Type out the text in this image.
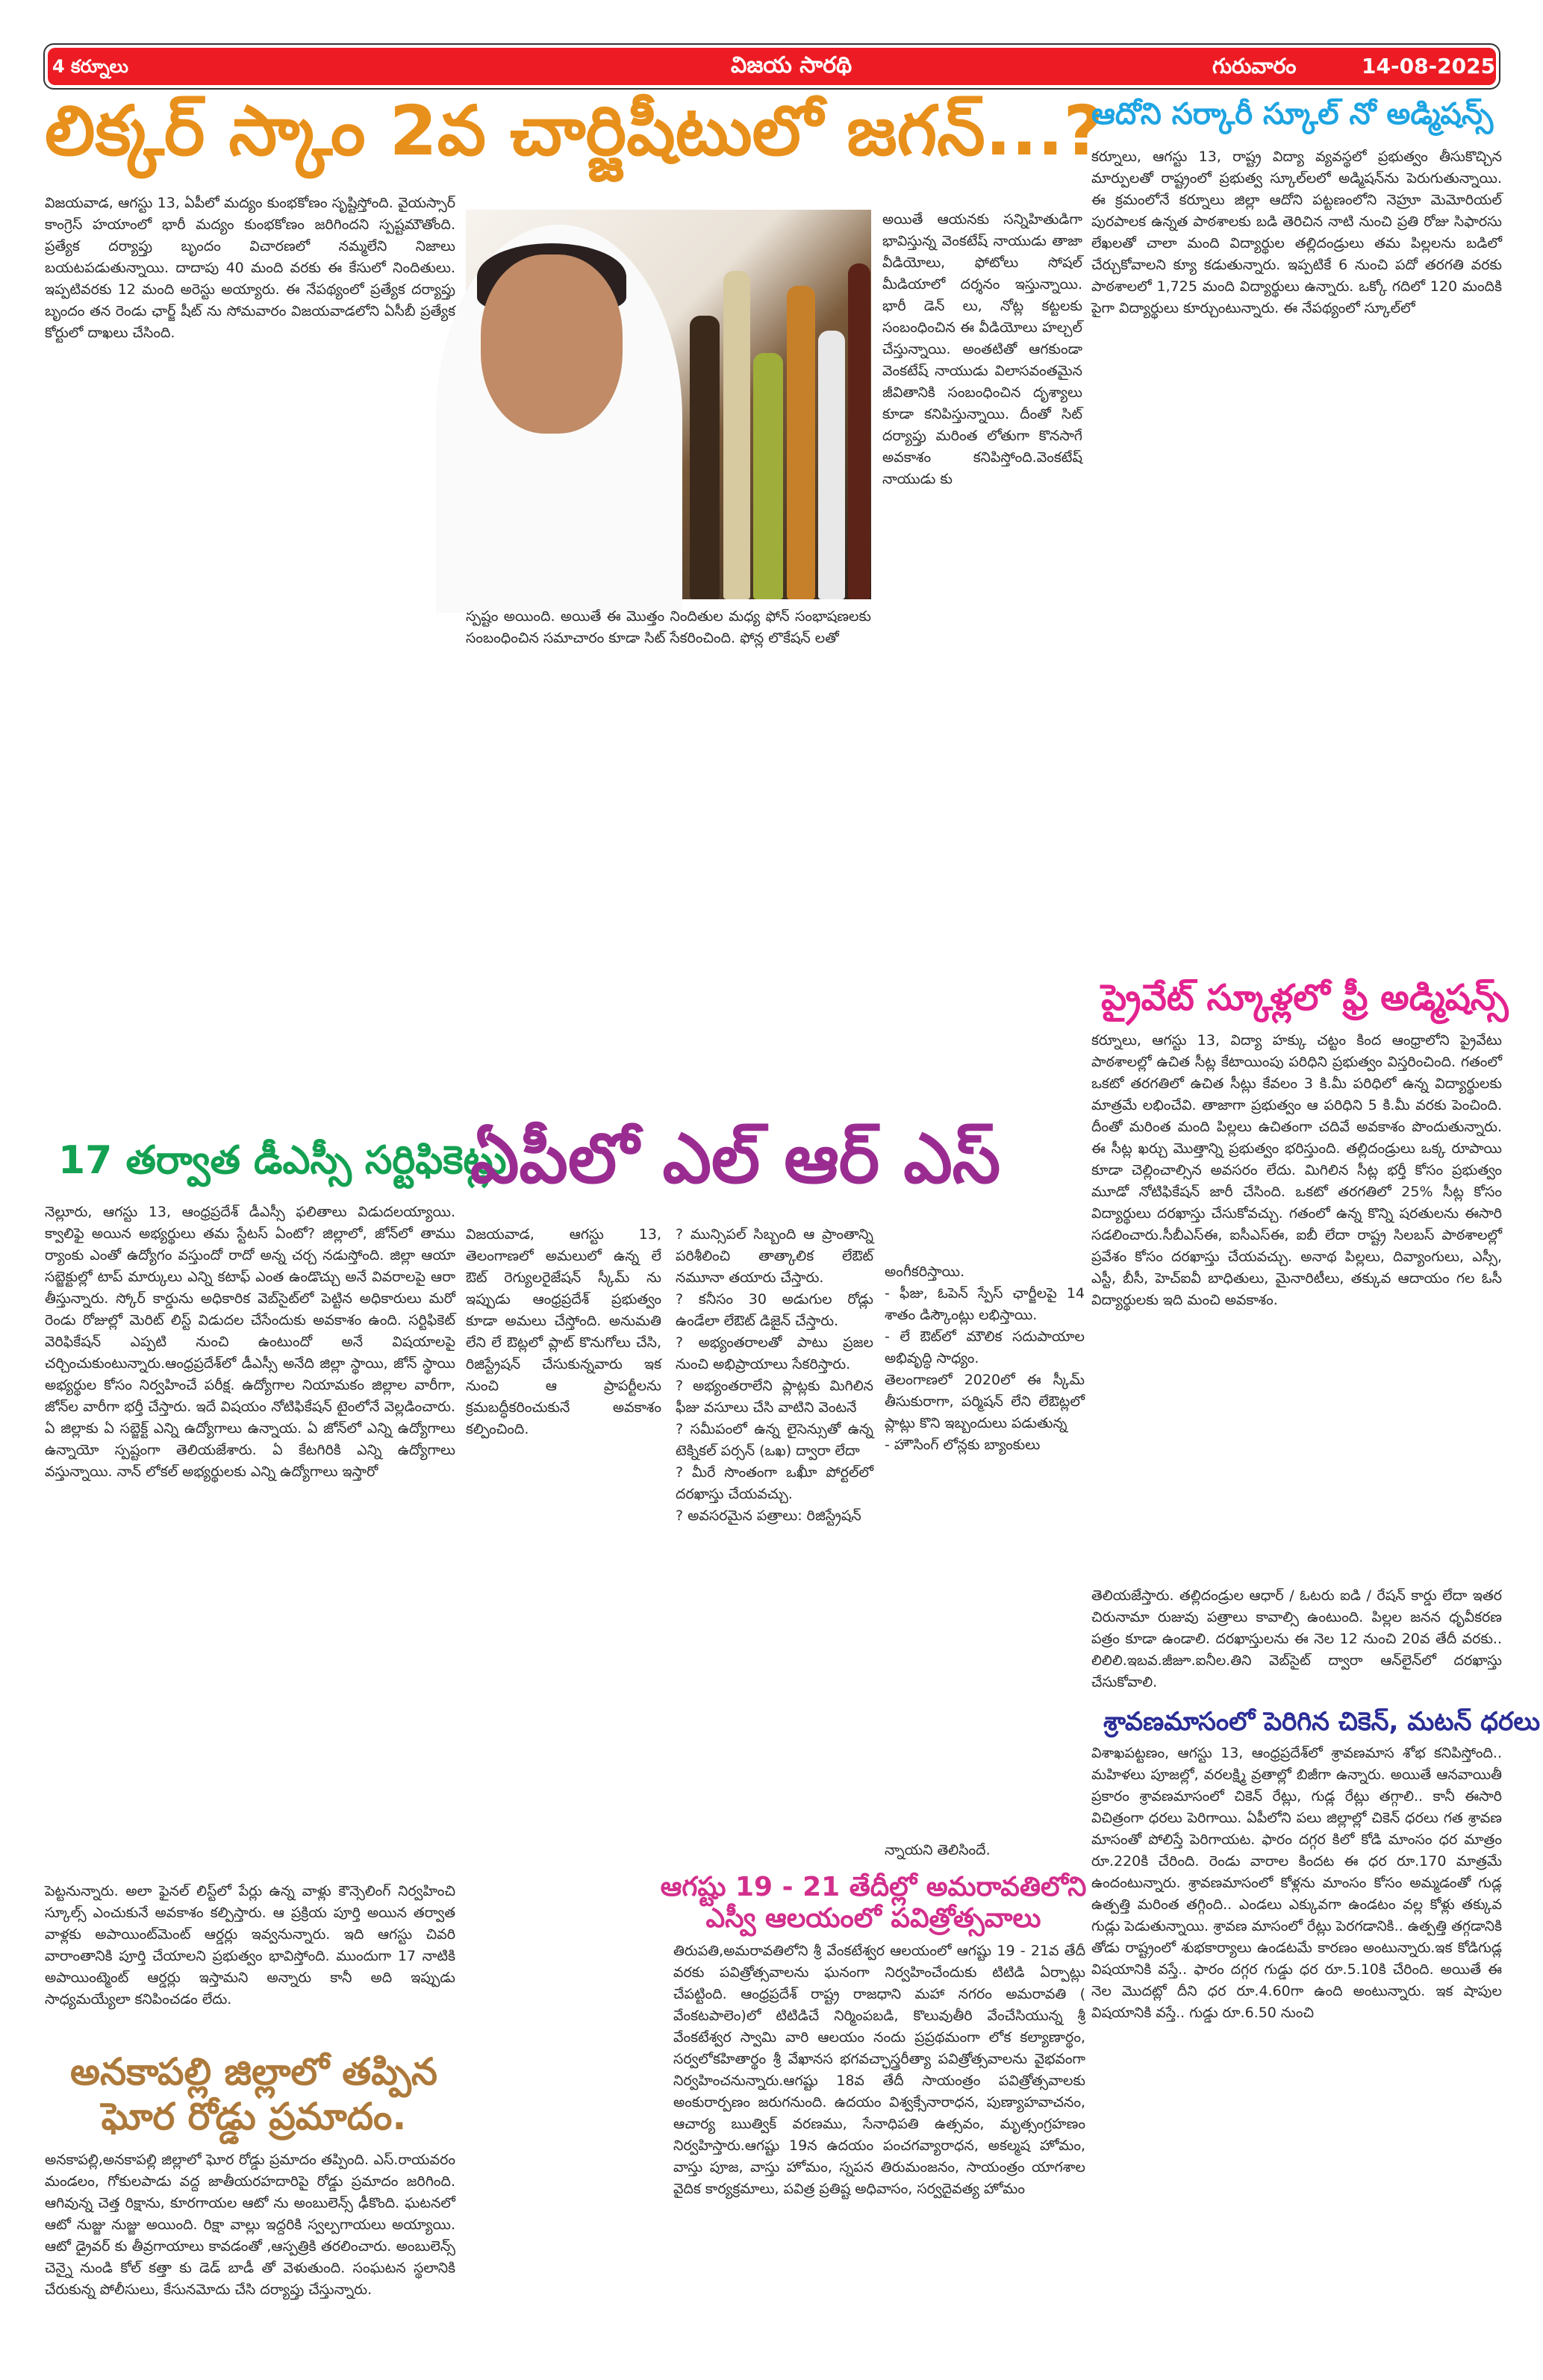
4 కర్నూలు	విజయ సారథి	గురువారం	14-08-2025
లిక్కర్ స్కాం 2వ చార్జిషీటులో జగన్...?
విజయవాడ, ఆగస్టు 13, ఏపీలో మద్యం కుంభకోణం సృష్టిస్తోంది. వైయస్సార్ కాంగ్రెస్ హయాంలో భారీ మద్యం కుంభకోణం జరిగిందని స్పష్టమౌతోంది. ప్రత్యేక దర్యాప్తు బృందం విచారణలో నమ్మలేని నిజాలు బయటపడుతున్నాయి. దాదాపు 40 మంది వరకు ఈ కేసులో నిందితులు. ఇప్పటివరకు 12 మంది అరెస్టు అయ్యారు. ఈ నేపథ్యంలో ప్రత్యేక దర్యాప్తు బృందం తన రెండు ఛార్జ్ షీట్ ను సోమవారం విజయవాడలోని ఏసీబీ ప్రత్యేక కోర్టులో దాఖలు చేసింది.
స్పష్టం అయింది. అయితే ఈ మొత్తం నిందితుల మధ్య ఫోన్ సంభాషణలకు సంబంధించిన సమాచారం కూడా సిట్ సేకరించింది. ఫోన్ల లొకేషన్ లతో
అయితే ఆయనకు సన్నిహితుడిగా భావిస్తున్న వెంకటేష్ నాయుడు తాజా వీడియోలు, ఫోటోలు సోషల్ మీడియాలో దర్శనం ఇస్తున్నాయి. భారీ డెన్ లు, నోట్ల కట్టలకు సంబంధించిన ఈ వీడియోలు హల్చల్ చేస్తున్నాయి. అంతటితో ఆగకుండా వెంకటేష్ నాయుడు విలాసవంతమైన జీవితానికి సంబంధించిన దృశ్యాలు కూడా కనిపిస్తున్నాయి. దీంతో సిట్ దర్యాప్తు మరింత లోతుగా కొనసాగే అవకాశం కనిపిస్తోంది.వెంకటేష్ నాయుడు కు
ఆదోని సర్కారీ స్కూల్ నో అడ్మిషన్స్
కర్నూలు, ఆగస్టు 13, రాష్ట్ర విద్యా వ్యవస్థలో ప్రభుత్వం తీసుకొచ్చిన మార్పులతో రాష్ట్రంలో ప్రభుత్వ స్కూల్‌లలో అడ్మిషన్‌ను పెరుగుతున్నాయి. ఈ క్రమంలోనే కర్నూలు జిల్లా ఆదోని పట్టణంలోని నెహ్రూ మెమోరియల్ పురపాలక ఉన్నత పాఠశాలకు బడి తెరిచిన నాటి నుంచి ప్రతి రోజు సిఫారసు లేఖలతో చాలా మంది విద్యార్థుల తల్లిదండ్రులు తమ పిల్లలను బడిలో చేర్చుకోవాలని క్యూ కడుతున్నారు. ఇప్పటికే 6 నుంచి పదో తరగతి వరకు పాఠశాలలో 1,725 మంది విద్యార్థులు ఉన్నారు. ఒక్కో గదిలో 120 మందికి పైగా విద్యార్థులు కూర్చుంటున్నారు. ఈ నేపథ్యంలో స్కూల్‌లో
ప్రైవేట్ స్కూళ్లలో ఫ్రీ అడ్మిషన్స్
కర్నూలు, ఆగస్టు 13, విద్యా హక్కు చట్టం కింద ఆంధ్రాలోని ప్రైవేటు పాఠశాలల్లో ఉచిత సీట్ల కేటాయింపు పరిధిని ప్రభుత్వం విస్తరించింది. గతంలో ఒకటో తరగతిలో ఉచిత సీట్లు కేవలం 3 కి.మీ పరిధిలో ఉన్న విద్యార్థులకు మాత్రమే లభించేవి. తాజాగా ప్రభుత్వం ఆ పరిధిని 5 కి.మీ వరకు పెంచింది. దీంతో మరింత మంది పిల్లలు ఉచితంగా చదివే అవకాశం పొందుతున్నారు. ఈ సీట్ల ఖర్చు మొత్తాన్ని ప్రభుత్వం భరిస్తుంది. తల్లిదండ్రులు ఒక్క రూపాయి కూడా చెల్లించాల్సిన అవసరం లేదు. మిగిలిన సీట్ల భర్తీ కోసం ప్రభుత్వం మూడో నోటిఫికేషన్ జారీ చేసింది. ఒకటో తరగతిలో 25% సీట్ల కోసం విద్యార్థులు దరఖాస్తు చేసుకోవచ్చు. గతంలో ఉన్న కొన్ని షరతులను ఈసారి సడలించారు.సీబీఎస్ఈ, ఐసీఎస్ఈ, ఐబీ లేదా రాష్ట్ర సిలబస్ పాఠశాలల్లో ప్రవేశం కోసం దరఖాస్తు చేయవచ్చు. అనాథ పిల్లలు, దివ్యాంగులు, ఎస్సీ, ఎస్టీ, బీసీ, హెచ్ఐవీ బాధితులు, మైనారిటీలు, తక్కువ ఆదాయం గల ఓసీ విద్యార్థులకు ఇది మంచి అవకాశం.
తెలియజేస్తారు. తల్లిదండ్రుల ఆధార్ / ఓటరు ఐడి / రేషన్ కార్డు లేదా ఇతర చిరునామా రుజువు పత్రాలు కావాల్సి ఉంటుంది. పిల్లల జనన ధృవీకరణ పత్రం కూడా ఉండాలి. దరఖాస్తులను ఈ నెల 12 నుంచి 20వ తేదీ వరకు.. లిలిలి.ఇబవ.జీజూ.ఐనీల.తిని వెబ్‌సైట్ ద్వారా ఆన్‌లైన్‌లో దరఖాస్తు చేసుకోవాలి.
శ్రావణమాసంలో పెరిగిన చికెన్, మటన్ ధరలు
విశాఖపట్టణం, ఆగస్టు 13, ఆంధ్రప్రదేశ్‌లో శ్రావణమాస శోభ కనిపిస్తోంది.. మహిళలు పూజల్లో, వరలక్ష్మి వ్రతాల్లో బిజీగా ఉన్నారు. అయితే ఆనవాయితీ ప్రకారం శ్రావణమాసంలో చికెన్ రేట్లు, గుడ్ల రేట్లు తగ్గాలి.. కానీ ఈసారి విచిత్రంగా ధరలు పెరిగాయి. ఏపీలోని పలు జిల్లాల్లో చికెన్ ధరలు గత శ్రావణ మాసంతో పోలిస్తే పెరిగాయట. ఫారం దగ్గర కిలో కోడి మాంసం ధర మాత్రం రూ.220కి చేరింది. రెండు వారాల కిందట ఈ ధర రూ.170 మాత్రమే ఉందంటున్నారు. శ్రావణమాసంలో కోళ్లను మాంసం కోసం అమ్మడంతో గుడ్ల ఉత్పత్తి మరింత తగ్గింది.. ఎండలు ఎక్కువగా ఉండటం వల్ల కోళ్లు తక్కువ గుడ్లు పెడుతున్నాయి. శ్రావణ మాసంలో రేట్లు పెరగడానికి.. ఉత్పత్తి తగ్గడానికి తోడు రాష్ట్రంలో శుభకార్యాలు ఉండటమే కారణం అంటున్నారు.ఇక కోడిగుడ్ల విషయానికి వస్తే.. ఫారం దగ్గర గుడ్డు ధర రూ.5.10కి చేరింది. అయితే ఈ నెల మొదట్లో దీని ధర రూ.4.60గా ఉంది అంటున్నారు. ఇక షాపుల విషయానికి వస్తే.. గుడ్డు రూ.6.50 నుంచి
17 తర్వాత డీఎస్సీ సర్టిఫికెట్లు
నెల్లూరు, ఆగస్టు 13, ఆంధ్రప్రదేశ్ డీఎస్సీ ఫలితాలు విడుదలయ్యాయి. క్వాలిఫై అయిన అభ్యర్థులు తమ స్టేటస్ ఏంటో? జిల్లాలో, జోన్‌లో తాము ర్యాంకు ఎంతో ఉద్యోగం వస్తుందో రాదో అన్న చర్చ నడుస్తోంది. జిల్లా ఆయా సబ్జెక్టుల్లో టాప్ మార్కులు ఎన్ని కటాఫ్ ఎంత ఉండొచ్చు అనే వివరాలపై ఆరా తీస్తున్నారు. స్కోర్ కార్డును అధికారిక వెబ్‌సైట్‌లో పెట్టిన అధికారులు మరో రెండు రోజుల్లో మెరిట్ లిస్ట్ విడుదల చేసేందుకు అవకాశం ఉంది. సర్టిఫికెట్ వెరిఫికేషన్ ఎప్పటి నుంచి ఉంటుందో అనే విషయాలపై చర్చించుకుంటున్నారు.ఆంధ్రప్రదేశ్‌లో డీఎస్సీ అనేది జిల్లా స్థాయి, జోన్ స్థాయి అభ్యర్థుల కోసం నిర్వహించే పరీక్ష. ఉద్యోగాల నియామకం జిల్లాల వారీగా, జోన్‌ల వారీగా భర్తీ చేస్తారు. ఇదే విషయం నోటిఫికేషన్ టైంలోనే వెల్లడించారు. ఏ జిల్లాకు ఏ సబ్జెక్ట్ ఎన్ని ఉద్యోగాలు ఉన్నాయ. ఏ జోన్‌లో ఎన్ని ఉద్యోగాలు ఉన్నాయో స్పష్టంగా తెలియజేశారు. ఏ కేటగిరికి ఎన్ని ఉద్యోగాలు వస్తున్నాయి. నాన్ లోకల్ అభ్యర్థులకు ఎన్ని ఉద్యోగాలు ఇస్తారో
పెట్టనున్నారు. అలా ఫైనల్ లిస్ట్‌లో పేర్లు ఉన్న వాళ్లు కౌన్సెలింగ్ నిర్వహించి స్కూల్స్ ఎంచుకునే అవకాశం కల్పిస్తారు. ఆ ప్రక్రియ పూర్తి అయిన తర్వాత వాళ్లకు అపాయింట్‌మెంట్ ఆర్డర్లు ఇవ్వనున్నారు. ఇది ఆగస్టు చివరి వారాంతానికి పూర్తి చేయాలని ప్రభుత్వం భావిస్తోంది. ముందుగా 17 నాటికి అపాయింట్మెంట్ ఆర్డర్లు ఇస్తామని అన్నారు కానీ అది ఇప్పుడు సాధ్యమయ్యేలా కనిపించడం లేదు.
అనకాపల్లి జిల్లాలో తప్పిన
ఘోర రోడ్డు ప్రమాదం.
అనకాపల్లి,అనకాపల్లి జిల్లాలో ఘోర రోడ్డు ప్రమాదం తప్పింది. ఎస్.రాయవరం మండలం, గోకులపాడు వద్ద జాతీయరహదారిపై రోడ్డు ప్రమాదం జరిగింది. ఆగివున్న చెత్త రిక్షాను, కూరగాయల ఆటో ను అంబులెన్స్ ఢీకొంది. ఘటనలో ఆటో నుజ్జు నుజ్జు అయింది. రిక్షా వాల్లు ఇద్దరికి స్వల్పగాయలు అయ్యాయి. ఆటో డ్రైవర్ కు తీవ్రగాయాలు కావడంతో ,ఆస్పత్రికి తరలించారు. అంబులెన్స్ చెన్నై నుండి కోల్ కత్తా కు డెడ్ బాడీ తో వెళుతుంది. సంఘటన స్థలానికి చేరుకున్న పోలీసులు, కేసునమోదు చేసి దర్యాప్తు చేస్తున్నారు.
ఏపీలో ఎల్ ఆర్ ఎస్
విజయవాడ, ఆగస్టు 13, తెలంగాణలో అమలులో ఉన్న లే ఔట్ రెగ్యులరైజేషన్ స్కీమ్ ను ఇప్పుడు ఆంధ్రప్రదేశ్ ప్రభుత్వం కూడా అమలు చేస్తోంది. అనుమతి లేని లే ఔట్లలో ప్లాట్ కొనుగోలు చేసి, రిజిస్ట్రేషన్ చేసుకున్నవారు ఇక నుంచి ఆ ప్రాపర్టీలను క్రమబద్ధీకరించుకునే అవకాశం కల్పించింది.
? మున్సిపల్ సిబ్బంది ఆ ప్రాంతాన్ని పరిశీలించి తాత్కాలిక లేఔట్ నమూనా తయారు చేస్తారు.
? కనీసం 30 అడుగుల రోడ్లు ఉండేలా లేఔట్ డిజైన్ చేస్తారు.
? అభ్యంతరాలతో పాటు ప్రజల నుంచి అభిప్రాయాలు సేకరిస్తారు.
? అభ్యంతరాలేని ప్లాట్లకు మిగిలిన ఫీజు వసూలు చేసి వాటిని వెంటనే
? సమీపంలో ఉన్న లైసెన్సుతో ఉన్న టెక్నికల్ పర్సన్ (ఒఖ) ద్వారా లేదా
? మీరే సొంతంగా ఒఖీూ పోర్టల్‌లో దరఖాస్తు చేయవచ్చు.
? అవసరమైన పత్రాలు: రిజిస్ట్రేషన్
అంగీకరిస్తాయి.
- ఫీజు, ఓపెన్ స్పేస్ ఛార్జీలపై 14 శాతం డిస్కౌంట్లు లభిస్తాయి.
- లే ఔట్‌లో మౌలిక సదుపాయాల అభివృద్ధి సాధ్యం.
తెలంగాణలో 2020లో ఈ స్కీమ్ తీసుకురాగా, పర్మిషన్ లేని లేఔట్లలో ప్లాట్లు కొని ఇబ్బందులు పడుతున్న
- హౌసింగ్ లోన్లకు బ్యాంకులు
న్నాయని తెలిసిందే.
ఆగష్టు 19 - 21 తేదీల్లో అమరావతిలోని
ఎస్వీ ఆలయంలో పవిత్రోత్సవాలు
తిరుపతి,అమరావతిలోని శ్రీ వేంకటేశ్వర ఆలయంలో ఆగష్టు 19 - 21వ తేదీ వరకు పవిత్రోత్సవాలను ఘనంగా నిర్వహించేందుకు టిటిడి ఏర్పాట్లు చేపట్టింది. ఆంధ్రప్రదేశ్ రాష్ట్ర రాజధాని మహా నగరం అమరావతి ( వేంకటపాలెం)లో టిటిడిచే నిర్మింపబడి, కొలువుతీరి వేంచేసియున్న శ్రీ వేంకటేశ్వర స్వామి వారి ఆలయం నందు ప్రప్రథమంగా లోక కల్యాణార్థం, సర్వలోకహితార్థం శ్రీ వేఖానస భగవచ్ఛాస్త్రరీత్యా పవిత్రోత్సవాలను వైభవంగా నిర్వహించనున్నారు.ఆగష్టు 18వ తేదీ సాయంత్రం పవిత్రోత్సవాలకు అంకురార్పణం జరుగనుంది. ఉదయం విశ్వక్సేనారాధన, పుణ్యాహవాచనం, ఆచార్య ఋత్విక్ వరణము, సేనాధిపతి ఉత్సవం, మృత్సంగ్రహణం నిర్వహిస్తారు.ఆగష్టు 19న ఉదయం పంచగవ్యారాధన, అకల్మష హోమం, వాస్తు పూజ, వాస్తు హోమం, స్నపన తిరుమంజనం, సాయంత్రం యాగశాల వైదిక కార్యక్రమాలు, పవిత్ర ప్రతిష్ట అధివాసం, సర్వదైవత్య హోమం
